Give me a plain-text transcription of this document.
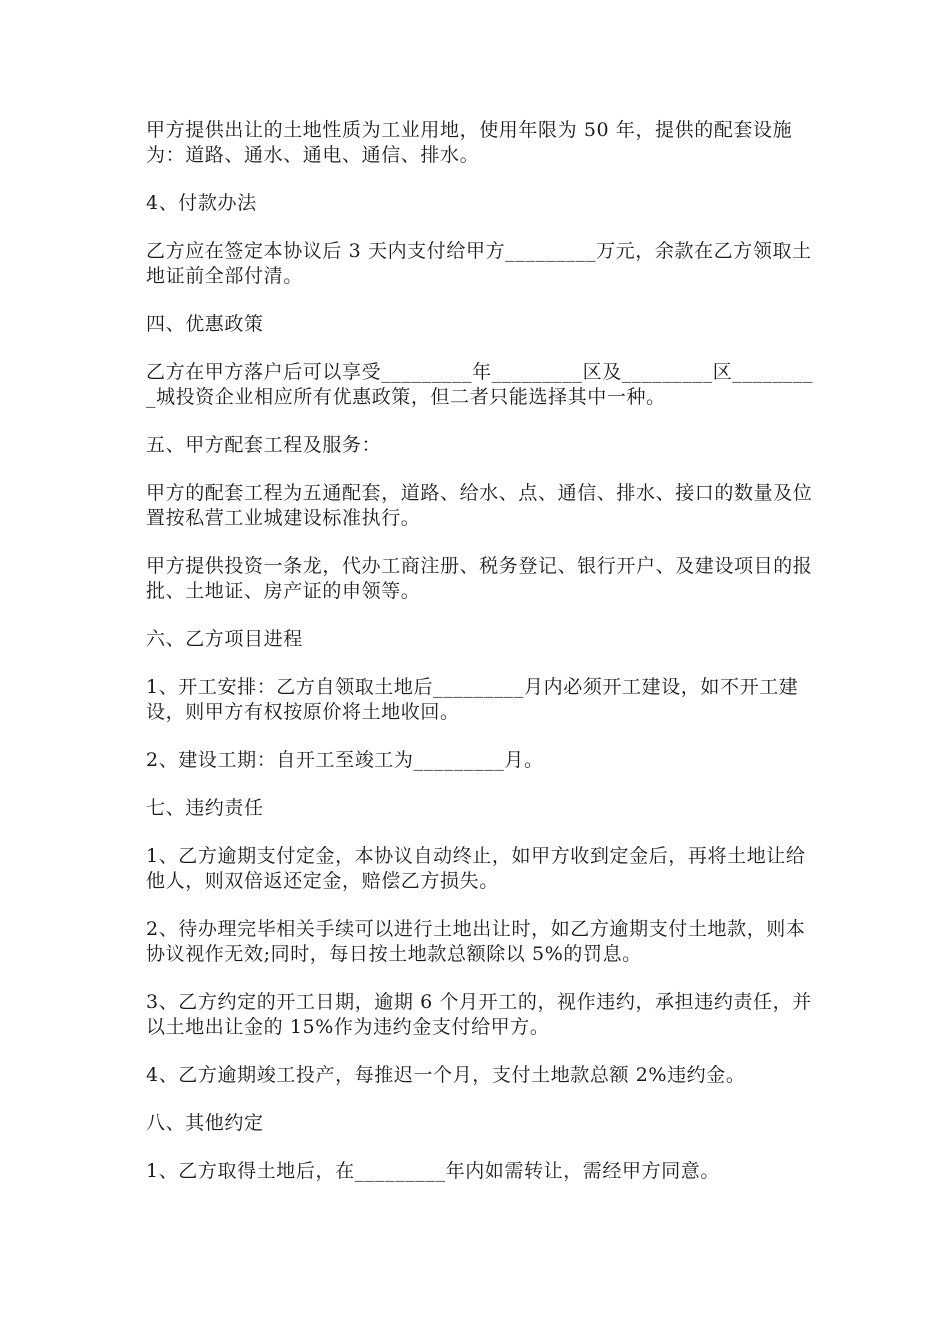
甲方提供出让的土地性质为工业用地，使用年限为 50 年，提供的配套设施为：道路、通水、通电、通信、排水。

4、付款办法

乙方应在签定本协议后 3 天内支付给甲方_________万元，余款在乙方领取土地证前全部付清。

四、优惠政策

乙方在甲方落户后可以享受_________年_________区及_________区_________城投资企业相应所有优惠政策，但二者只能选择其中一种。

五、甲方配套工程及服务：

甲方的配套工程为五通配套，道路、给水、点、通信、排水、接口的数量及位置按私营工业城建设标准执行。

甲方提供投资一条龙，代办工商注册、税务登记、银行开户、及建设项目的报批、土地证、房产证的申领等。

六、乙方项目进程

1、开工安排：乙方自领取土地后_________月内必须开工建设，如不开工建设，则甲方有权按原价将土地收回。

2、建设工期：自开工至竣工为_________月。

七、违约责任

1、乙方逾期支付定金，本协议自动终止，如甲方收到定金后，再将土地让给他人，则双倍返还定金，赔偿乙方损失。

2、待办理完毕相关手续可以进行土地出让时，如乙方逾期支付土地款，则本协议视作无效;同时，每日按土地款总额除以 5%的罚息。

3、乙方约定的开工日期，逾期 6 个月开工的，视作违约，承担违约责任，并以土地出让金的 15%作为违约金支付给甲方。

4、乙方逾期竣工投产，每推迟一个月，支付土地款总额 2%违约金。

八、其他约定

1、乙方取得土地后，在_________年内如需转让，需经甲方同意。
